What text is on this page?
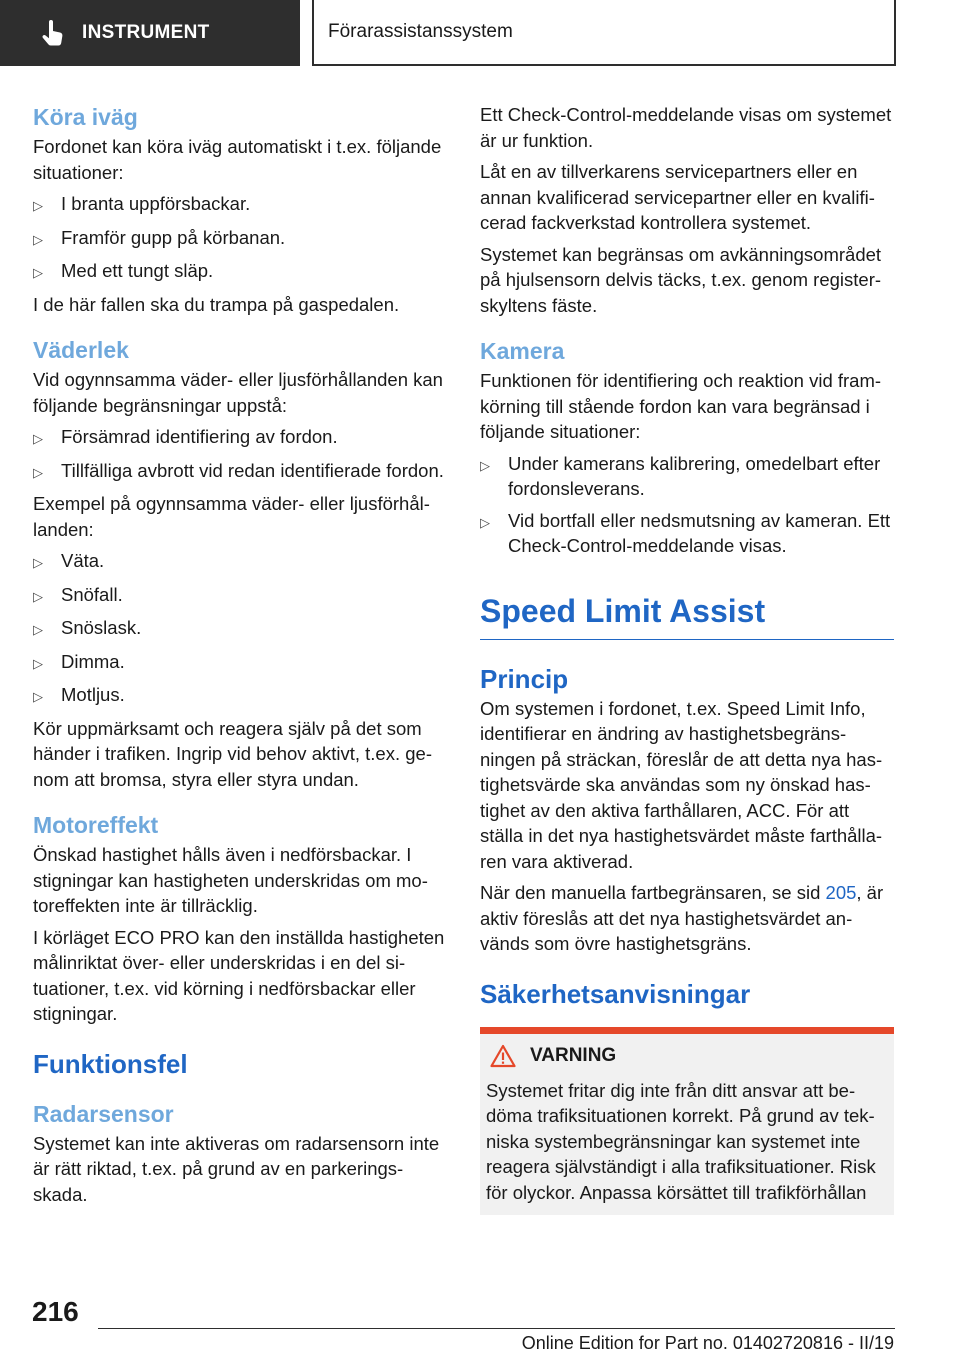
INSTRUMENT	Förarassistanssystem
Köra iväg
Fordonet kan köra iväg automatiskt i t.ex. följande situationer:
▷ I branta uppförsbackar.
▷ Framför gupp på körbanan.
▷ Med ett tungt släp.
I de här fallen ska du trampa på gaspedalen.
Väderlek
Vid ogynnsamma väder- eller ljusförhållanden kan följande begränsningar uppstå:
▷ Försämrad identifiering av fordon.
▷ Tillfälliga avbrott vid redan identifierade fordon.
Exempel på ogynnsamma väder- eller ljusförhållanden:
▷ Väta.
▷ Snöfall.
▷ Snöslask.
▷ Dimma.
▷ Motljus.
Kör uppmärksamt och reagera själv på det som händer i trafiken. Ingrip vid behov aktivt, t.ex. genom att bromsa, styra eller styra undan.
Motoreffekt
Önskad hastighet hålls även i nedförsbackar. I stigningar kan hastigheten underskridas om motoreffekten inte är tillräcklig.
I körläget ECO PRO kan den inställda hastigheten målinriktat över- eller underskridas i en del situationer, t.ex. vid körning i nedförsbackar eller stigningar.
Funktionsfel
Radarsensor
Systemet kan inte aktiveras om radarsensorn inte är rätt riktad, t.ex. på grund av en parkeringsskada.
Ett Check-Control-meddelande visas om systemet är ur funktion.
Låt en av tillverkarens servicepartners eller en annan kvalificerad servicepartner eller en kvalificerad fackverkstad kontrollera systemet.
Systemet kan begränsas om avkänningsområdet på hjulsensorn delvis täcks, t.ex. genom registerskyltens fäste.
Kamera
Funktionen för identifiering och reaktion vid framkörning till stående fordon kan vara begränsad i följande situationer:
▷ Under kamerans kalibrering, omedelbart efter fordonsleverans.
▷ Vid bortfall eller nedsmutsning av kameran. Ett Check-Control-meddelande visas.
Speed Limit Assist
Princip
Om systemen i fordonet, t.ex. Speed Limit Info, identifierar en ändring av hastighetsbegränsningen på sträckan, föreslår de att detta nya hastighetsvärde ska användas som ny önskad hastighet av den aktiva farthållaren, ACC. För att ställa in det nya hastighetsvärdet måste farthållaren vara aktiverad.
När den manuella fartbegränsaren, se sid 205, är aktiv föreslås att det nya hastighetsvärdet används som övre hastighetsgräns.
Säkerhetsanvisningar
VARNING
Systemet fritar dig inte från ditt ansvar att bedöma trafiksituationen korrekt. På grund av tekniska systembegränsningar kan systemet inte reagera självständigt i alla trafiksituationer. Risk för olyckor. Anpassa körsättet till trafikförhållan
216
Online Edition for Part no. 01402720816 - II/19
